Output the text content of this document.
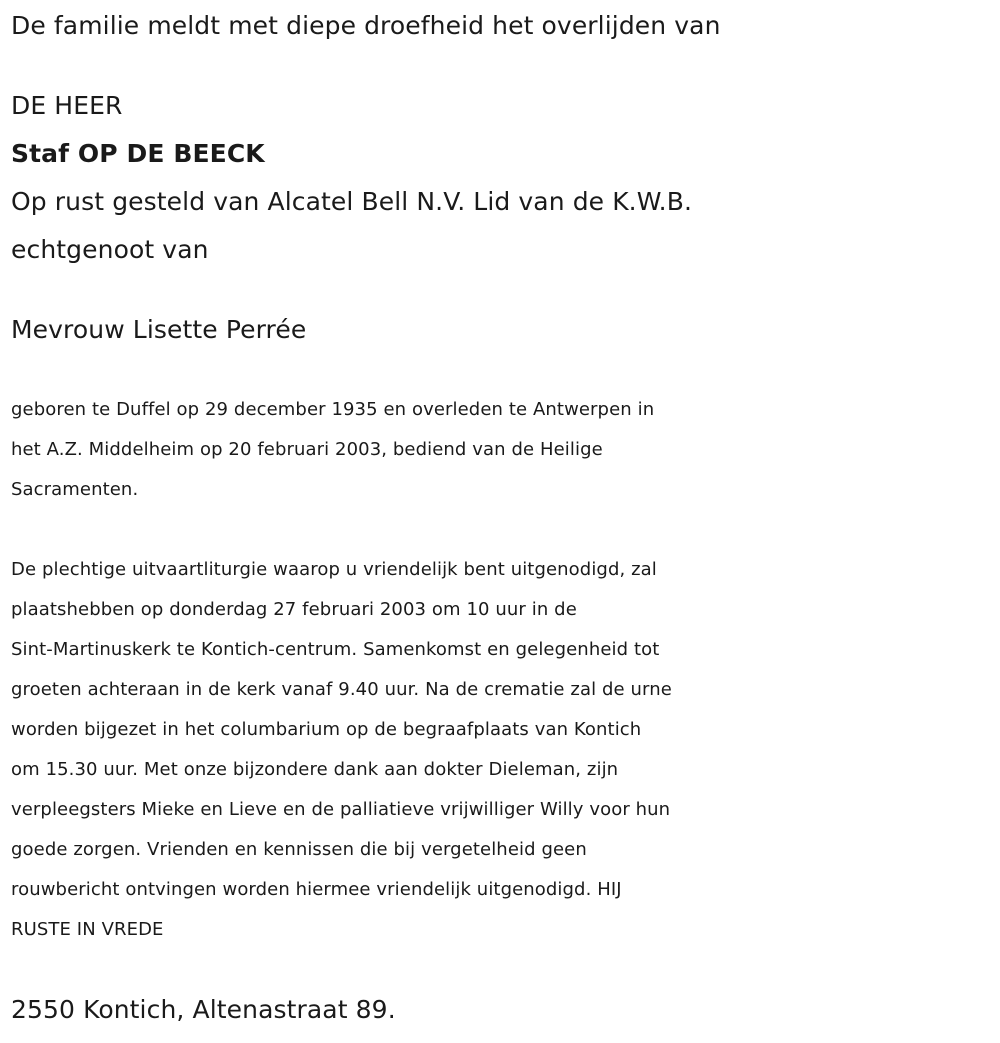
De familie meldt met diepe droefheid het overlijden van

DE HEER

Staf OP DE BEECK

Op rust gesteld van Alcatel Bell N.V. Lid van de K.W.B.

echtgenoot van

Mevrouw Lisette Perrée

geboren te Duffel op 29 december 1935 en overleden te Antwerpen in
het A.Z. Middelheim op 20 februari 2003, bediend van de Heilige
Sacramenten.
De plechtige uitvaartliturgie waarop u vriendelijk bent uitgenodigd, zal
plaatshebben op donderdag 27 februari 2003 om 10 uur in de
Sint-Martinuskerk te Kontich-centrum. Samenkomst en gelegenheid tot
groeten achteraan in de kerk vanaf 9.40 uur. Na de crematie zal de urne
worden bijgezet in het columbarium op de begraafplaats van Kontich
om 15.30 uur. Met onze bijzondere dank aan dokter Dieleman, zijn
verpleegsters Mieke en Lieve en de palliatieve vrijwilliger Willy voor hun
goede zorgen. Vrienden en kennissen die bij vergetelheid geen
rouwbericht ontvingen worden hiermee vriendelijk uitgenodigd. HIJ
RUSTE IN VREDE

2550 Kontich, Altenastraat 89.
